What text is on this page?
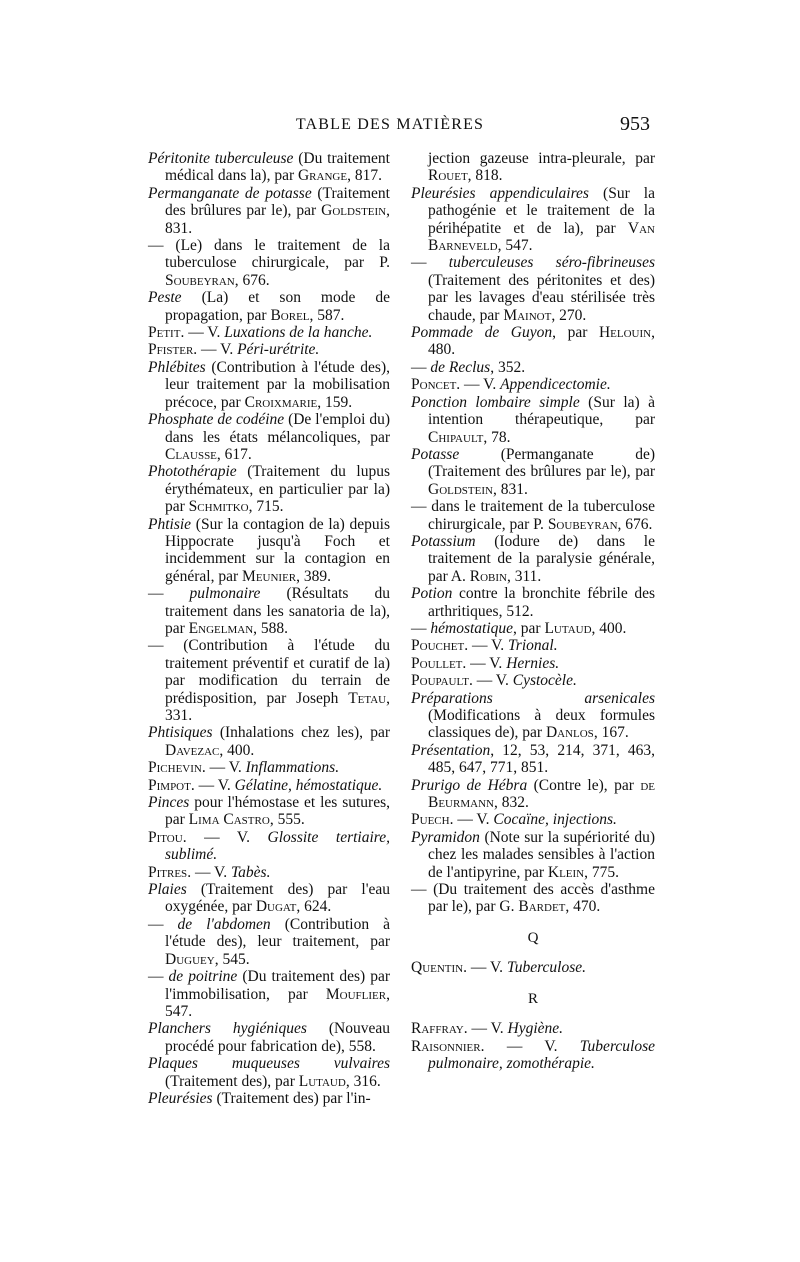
TABLE DES MATIÈRES	953

Péritonite tuberculeuse (Du traitement médical dans la), par Grange, 817.

Permanganate de potasse (Traitement des brûlures par le), par Goldstein, 831.

— (Le) dans le traitement de la tuberculose chirurgicale, par P. Soubeyran, 676.

Peste (La) et son mode de propagation, par Borel, 587.

Petit. — V. Luxations de la hanche.

Pfister. — V. Péri-urétrite.

Phlébites (Contribution à l'étude des), leur traitement par la mobilisation précoce, par Croixmarie, 159.

Phosphate de codéine (De l'emploi du) dans les états mélancoliques, par Clausse, 617.

Photothérapie (Traitement du lupus érythémateux, en particulier par la) par Schmitko, 715.

Phtisie (Sur la contagion de la) depuis Hippocrate jusqu'à Foch et incidemment sur la contagion en général, par Meunier, 389.

— pulmonaire (Résultats du traitement dans les sanatoria de la), par Engelman, 588.

— (Contribution à l'étude du traitement préventif et curatif de la) par modification du terrain de prédisposition, par Joseph Tetau, 331.

Phtisiques (Inhalations chez les), par Davezac, 400.

Pichevin. — V. Inflammations.

Pimpot. — V. Gélatine, hémostatique.

Pinces pour l'hémostase et les sutures, par Lima Castro, 555.

Pitou. — V. Glossite tertiaire, sublimé.

Pitres. — V. Tabès.

Plaies (Traitement des) par l'eau oxygénée, par Dugat, 624.

— de l'abdomen (Contribution à l'étude des), leur traitement, par Duguey, 545.

— de poitrine (Du traitement des) par l'immobilisation, par Mouflier, 547.

Planchers hygiéniques (Nouveau procédé pour fabrication de), 558.

Plaques muqueuses vulvaires (Traitement des), par Lutaud, 316.

Pleurésies (Traitement des) par l'in-

jection gazeuse intra-pleurale, par Rouet, 818.

Pleurésies appendiculaires (Sur la pathogénie et le traitement de la périhépatite et de la), par Van Barneveld, 547.

— tuberculeuses séro-fibrineuses (Traitement des péritonites et des) par les lavages d'eau stérilisée très chaude, par Mainot, 270.

Pommade de Guyon, par Helouin, 480.

— de Reclus, 352.

Poncet. — V. Appendicectomie.

Ponction lombaire simple (Sur la) à intention thérapeutique, par Chipault, 78.

Potasse (Permanganate de) (Traitement des brûlures par le), par Goldstein, 831.

— dans le traitement de la tuberculose chirurgicale, par P. Soubeyran, 676.

Potassium (Iodure de) dans le traitement de la paralysie générale, par A. Robin, 311.

Potion contre la bronchite fébrile des arthritiques, 512.

— hémostatique, par Lutaud, 400.

Pouchet. — V. Trional.

Poullet. — V. Hernies.

Poupault. — V. Cystocèle.

Préparations arsenicales (Modifications à deux formules classiques de), par Danlos, 167.

Présentation, 12, 53, 214, 371, 463, 485, 647, 771, 851.

Prurigo de Hébra (Contre le), par de Beurmann, 832.

Puech. — V. Cocaïne, injections.

Pyramidon (Note sur la supériorité du) chez les malades sensibles à l'action de l'antipyrine, par Klein, 775.

— (Du traitement des accès d'asthme par le), par G. Bardet, 470.

Q

Quentin. — V. Tuberculose.

R

Raffray. — V. Hygiène.

Raisonnier. — V. Tuberculose pulmonaire, zomothérapie.
